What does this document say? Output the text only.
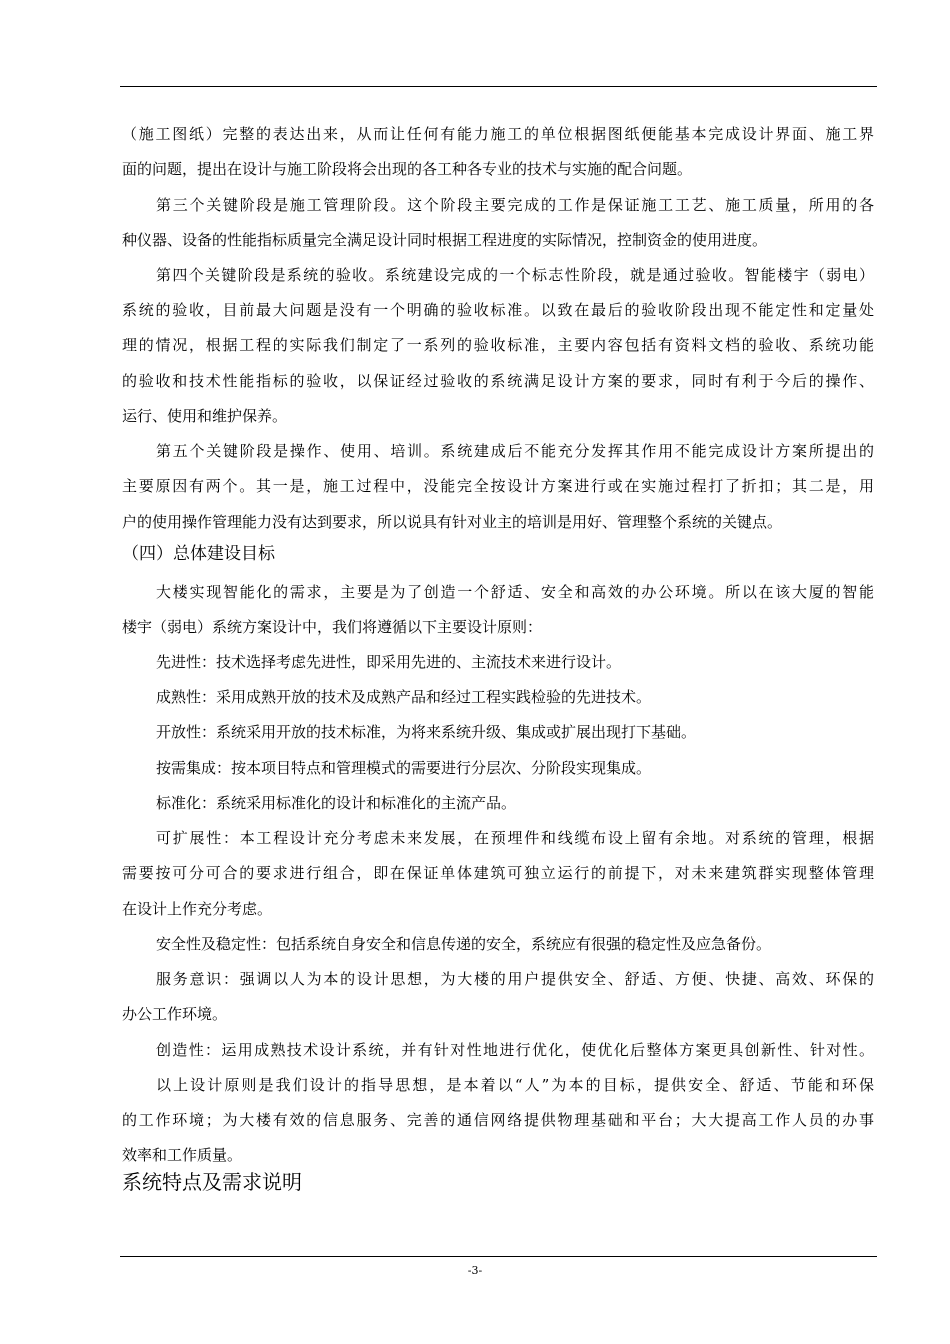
（施工图纸）完整的表达出来，从而让任何有能力施工的单位根据图纸便能基本完成设计界面、施工界
面的问题，提出在设计与施工阶段将会出现的各工种各专业的技术与实施的配合问题。
第三个关键阶段是施工管理阶段。这个阶段主要完成的工作是保证施工工艺、施工质量，所用的各
种仪器、设备的性能指标质量完全满足设计同时根据工程进度的实际情况，控制资金的使用进度。
第四个关键阶段是系统的验收。系统建设完成的一个标志性阶段，就是通过验收。智能楼宇（弱电）
系统的验收，目前最大问题是没有一个明确的验收标准。以致在最后的验收阶段出现不能定性和定量处
理的情况，根据工程的实际我们制定了一系列的验收标准，主要内容包括有资料文档的验收、系统功能
的验收和技术性能指标的验收，以保证经过验收的系统满足设计方案的要求，同时有利于今后的操作、
运行、使用和维护保养。
第五个关键阶段是操作、使用、培训。系统建成后不能充分发挥其作用不能完成设计方案所提出的
主要原因有两个。其一是，施工过程中，没能完全按设计方案进行或在实施过程打了折扣；其二是，用
户的使用操作管理能力没有达到要求，所以说具有针对业主的培训是用好、管理整个系统的关键点。
（四）总体建设目标
大楼实现智能化的需求，主要是为了创造一个舒适、安全和高效的办公环境。所以在该大厦的智能
楼宇（弱电）系统方案设计中，我们将遵循以下主要设计原则：
先进性：技术选择考虑先进性，即采用先进的、主流技术来进行设计。
成熟性：采用成熟开放的技术及成熟产品和经过工程实践检验的先进技术。
开放性：系统采用开放的技术标准，为将来系统升级、集成或扩展出现打下基础。
按需集成：按本项目特点和管理模式的需要进行分层次、分阶段实现集成。
标准化：系统采用标准化的设计和标准化的主流产品。
可扩展性：本工程设计充分考虑未来发展，在预埋件和线缆布设上留有余地。对系统的管理，根据
需要按可分可合的要求进行组合，即在保证单体建筑可独立运行的前提下，对未来建筑群实现整体管理
在设计上作充分考虑。
安全性及稳定性：包括系统自身安全和信息传递的安全，系统应有很强的稳定性及应急备份。
服务意识：强调以人为本的设计思想，为大楼的用户提供安全、舒适、方便、快捷、高效、环保的
办公工作环境。
创造性：运用成熟技术设计系统，并有针对性地进行优化，使优化后整体方案更具创新性、针对性。
以上设计原则是我们设计的指导思想，是本着以“人”为本的目标，提供安全、舒适、节能和环保
的工作环境；为大楼有效的信息服务、完善的通信网络提供物理基础和平台；大大提高工作人员的办事
效率和工作质量。
系统特点及需求说明
-3-
